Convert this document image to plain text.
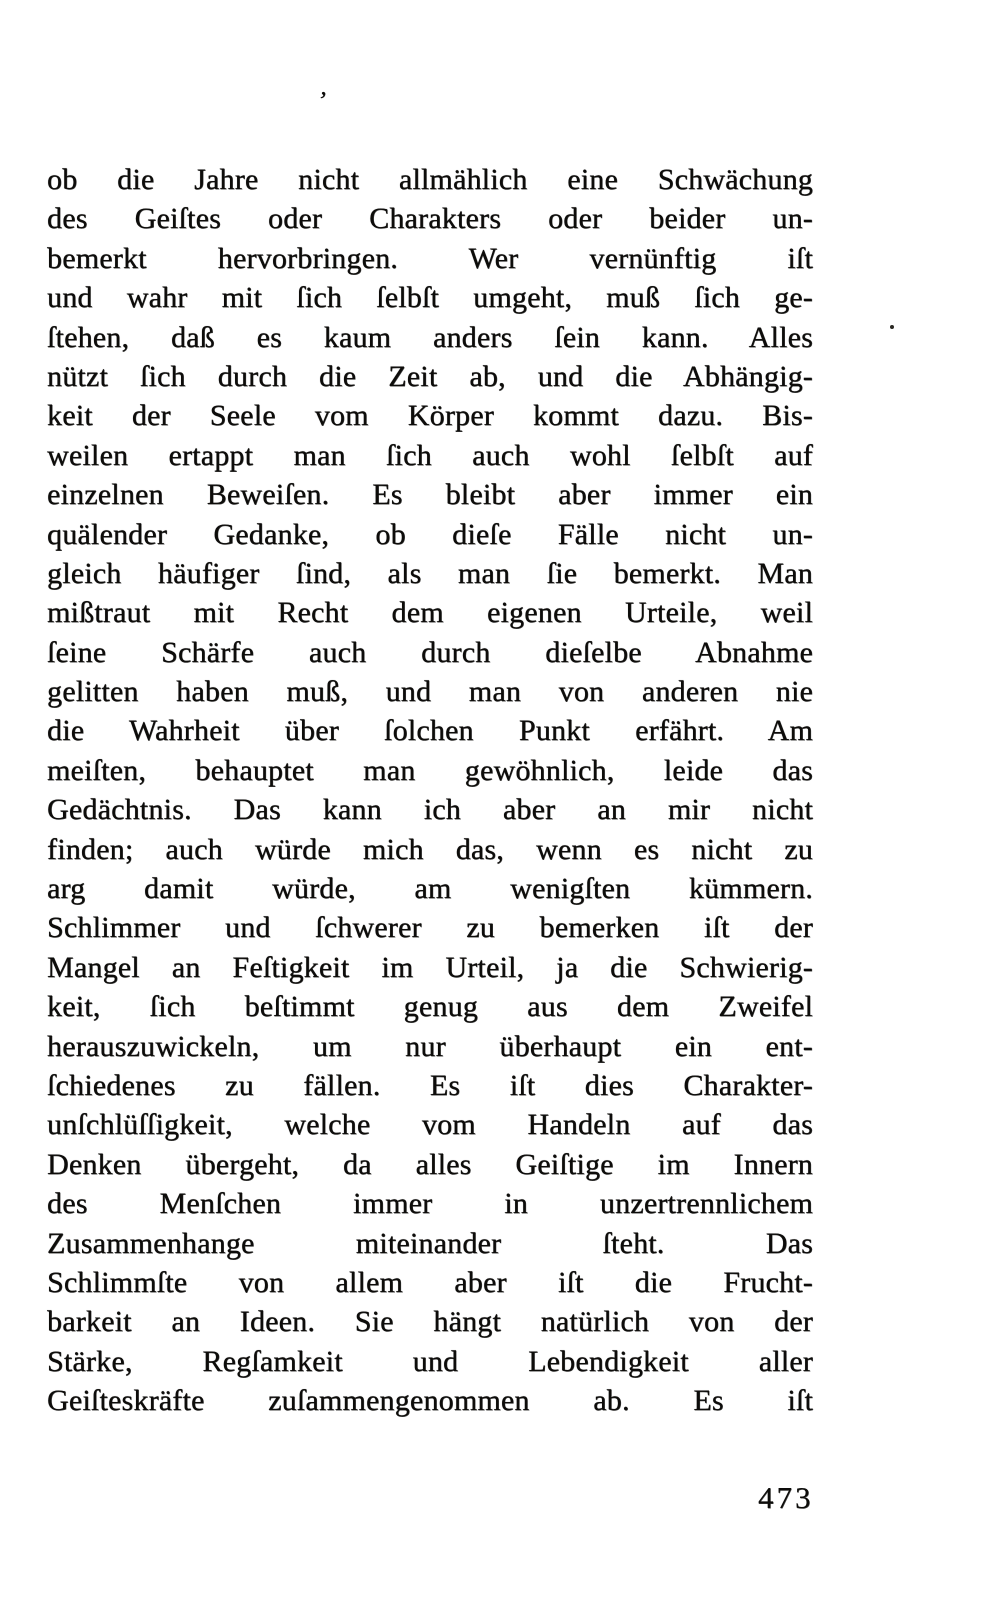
ʼ
ob die Jahre nicht allmählich eine Schwächung
des Geiſtes oder Charakters oder beider un-
bemerkt hervorbringen. Wer vernünftig iſt
und wahr mit ſich ſelbſt umgeht, muß ſich ge-
ſtehen, daß es kaum anders ſein kann. Alles
nützt ſich durch die Zeit ab, und die Abhängig-
keit der Seele vom Körper kommt dazu. Bis-
weilen ertappt man ſich auch wohl ſelbſt auf
einzelnen Beweiſen. Es bleibt aber immer ein
quälender Gedanke, ob dieſe Fälle nicht un-
gleich häufiger ſind, als man ſie bemerkt. Man
mißtraut mit Recht dem eigenen Urteile, weil
ſeine Schärfe auch durch dieſelbe Abnahme
gelitten haben muß, und man von anderen nie
die Wahrheit über ſolchen Punkt erfährt. Am
meiſten, behauptet man gewöhnlich, leide das
Gedächtnis. Das kann ich aber an mir nicht
finden; auch würde mich das, wenn es nicht zu
arg damit würde, am wenigſten kümmern.
Schlimmer und ſchwerer zu bemerken iſt der
Mangel an Feſtigkeit im Urteil, ja die Schwierig-
keit, ſich beſtimmt genug aus dem Zweifel
herauszuwickeln, um nur überhaupt ein ent-
ſchiedenes zu fällen. Es iſt dies Charakter-
unſchlüſſigkeit, welche vom Handeln auf das
Denken übergeht, da alles Geiſtige im Innern
des Menſchen immer in unzertrennlichem
Zusammenhange miteinander ſteht. Das
Schlimmſte von allem aber iſt die Frucht-
barkeit an Ideen. Sie hängt natürlich von der
Stärke, Regſamkeit und Lebendigkeit aller
Geiſteskräfte zuſammengenommen ab. Es iſt
473
